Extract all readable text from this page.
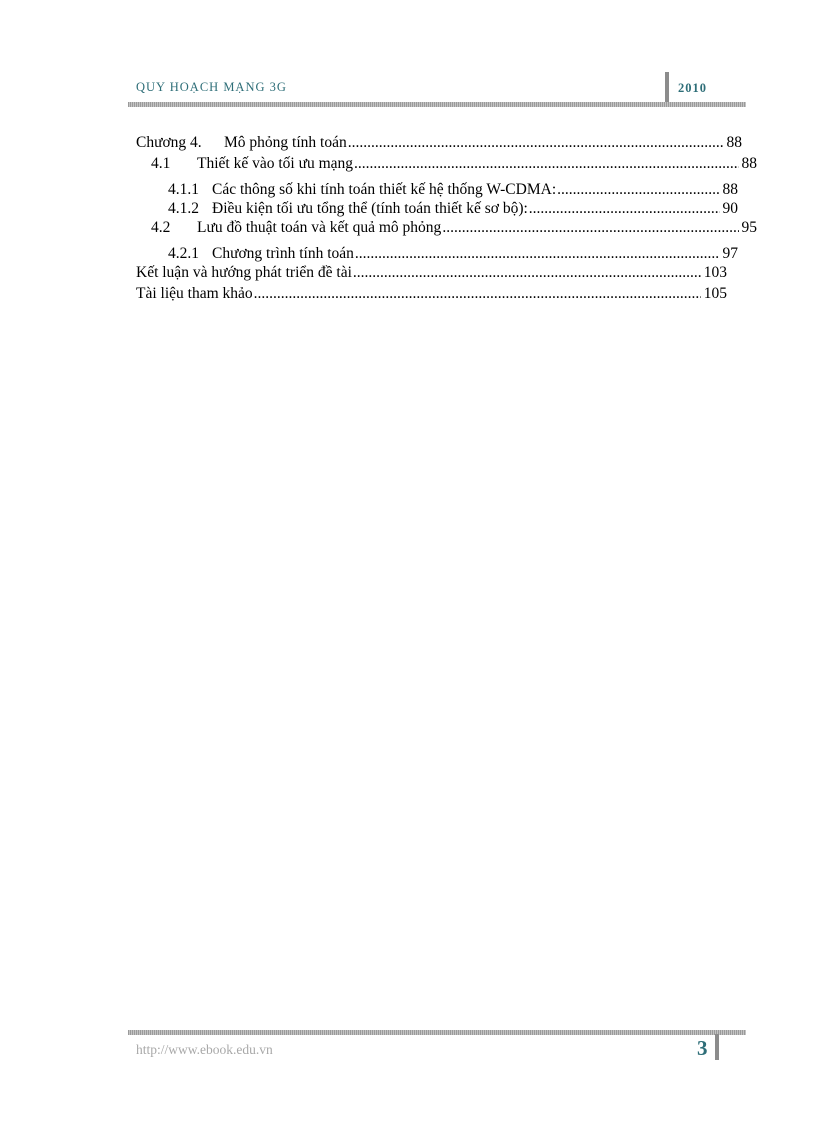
QUY HOẠCH MẠNG 3G	2010
Chương 4.	Mô phỏng tính toán .....	88
4.1	Thiết kế vào tối ưu mạng .....	88
4.1.1 Các thông số khi tính toán thiết kế hệ thống W-CDMA: .....	88
4.1.2 Điều kiện tối ưu tổng thể (tính toán thiết kế sơ bộ): .....	90
4.2	Lưu đồ thuật toán và kết quả mô phỏng .....	95
4.2.1 Chương trình tính toán .....	97
Kết luận và hướng phát triển đề tài .....	103
Tài liệu tham khảo .....	105
http://www.ebook.edu.vn	3
